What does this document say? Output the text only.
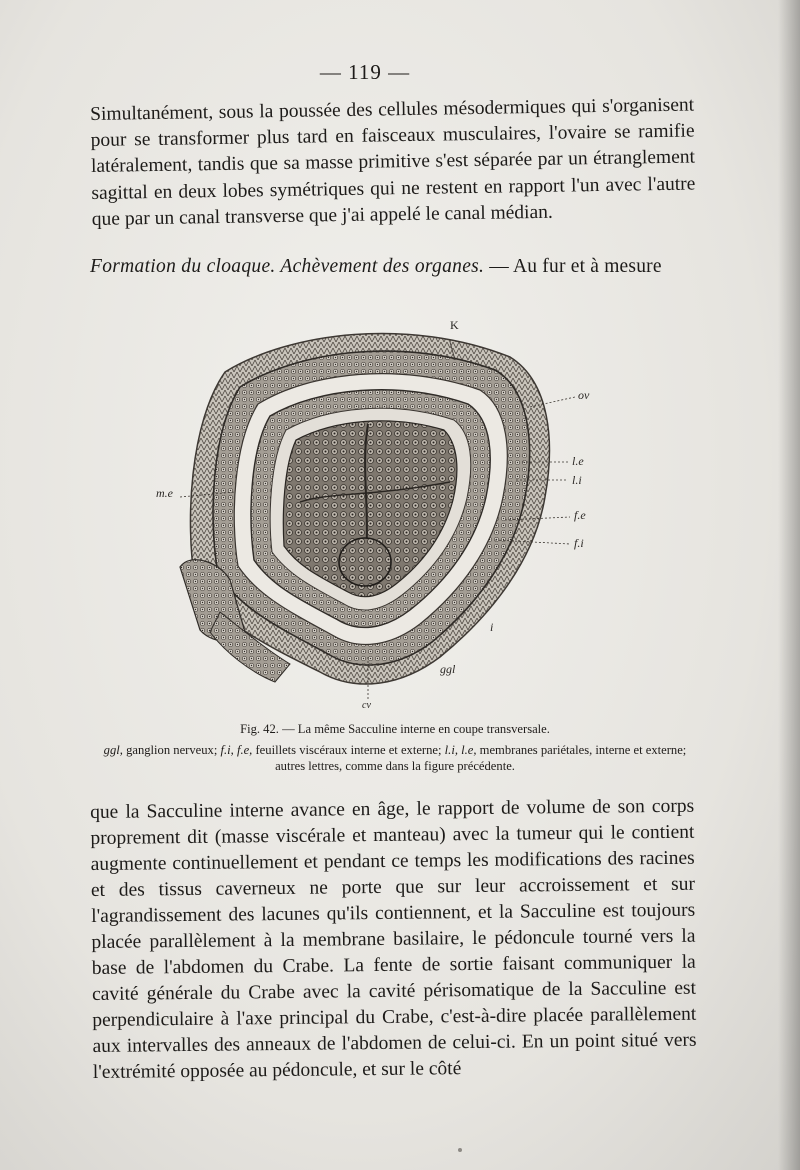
— 119 —

Simultanément, sous la poussée des cellules mésodermiques qui s'organisent pour se transformer plus tard en faisceaux musculaires, l'ovaire se ramifie latéralement, tandis que sa masse primitive s'est séparée par un étranglement sagittal en deux lobes symétriques qui ne restent en rapport l'un avec l'autre que par un canal transverse que j'ai appelé le canal médian.

Formation du cloaque. Achèvement des organes. — Au fur et à mesure

K
ov
l.e
l.i
f.e
f.i
m.e
i
ggl
cv

Fig. 42. — La même Sacculine interne en coupe transversale.

ggl, ganglion nerveux; f.i, f.e, feuillets viscéraux interne et externe; l.i, l.e, membranes pariétales, interne et externe; autres lettres, comme dans la figure précédente.

que la Sacculine interne avance en âge, le rapport de volume de son corps proprement dit (masse viscérale et manteau) avec la tumeur qui le contient augmente continuellement et pendant ce temps les modifications des racines et des tissus caverneux ne porte que sur leur accroissement et sur l'agrandissement des lacunes qu'ils contiennent, et la Sacculine est toujours placée parallèlement à la membrane basilaire, le pédoncule tourné vers la base de l'abdomen du Crabe. La fente de sortie faisant communiquer la cavité générale du Crabe avec la cavité périsomatique de la Sacculine est perpendiculaire à l'axe principal du Crabe, c'est-à-dire placée parallèlement aux intervalles des anneaux de l'abdomen de celui-ci. En un point situé vers l'extrémité opposée au pédoncule, et sur le côté
